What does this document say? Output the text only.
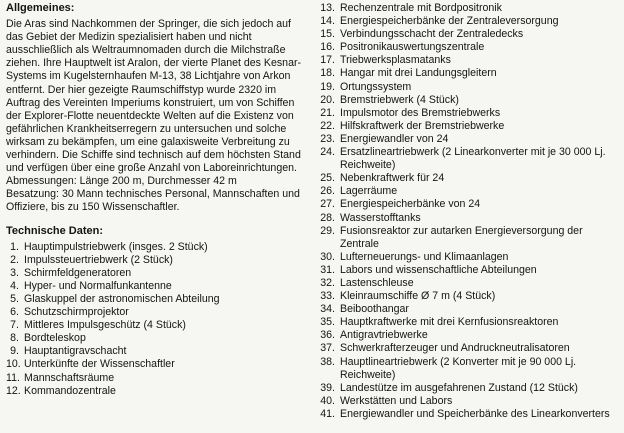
Allgemeines:

Die Aras sind Nachkommen der Springer, die sich jedoch auf das Gebiet der Medizin spezialisiert haben und nicht ausschließlich als Weltraumnomaden durch die Milchstraße ziehen. Ihre Hauptwelt ist Aralon, der vierte Planet des Kesnar-Systems im Kugelsternhaufen M-13, 38 Lichtjahre von Arkon entfernt. Der hier gezeigte Raumschiffstyp wurde 2320 im Auftrag des Vereinten Imperiums konstruiert, um von Schiffen der Explorer-Flotte neuentdeckte Welten auf die Existenz von gefährlichen Krankheitserregern zu untersuchen und solche wirksam zu bekämpfen, um eine galaxisweite Verbreitung zu verhindern. Die Schiffe sind technisch auf dem höchsten Stand und verfügen über eine große Anzahl von Laboreinrichtungen.

Abmessungen: Länge 200 m, Durchmesser 42 m

Besatzung: 30 Mann technisches Personal, Mannschaften und Offiziere, bis zu 150 Wissenschaftler.

Technische Daten:
1. Hauptimpulstriebwerk (insges. 2 Stück)
2. Impulssteuertriebwerk (2 Stück)
3. Schirmfeldgeneratoren
4. Hyper- und Normalfunkantenne
5. Glaskuppel der astronomischen Abteilung
6. Schutzschirmprojektor
7. Mittleres Impulsgeschütz (4 Stück)
8. Bordteleskop
9. Hauptantigravschacht
10. Unterkünfte der Wissenschaftler
11. Mannschaftsräume
12. Kommandozentrale
13. Rechenzentrale mit Bordpositronik
14. Energiespeicherbänke der Zentraleversorgung
15. Verbindungsschacht der Zentraledecks
16. Positronikauswertungszentrale
17. Triebwerksplasmatanks
18. Hangar mit drei Landungsgleitern
19. Ortungssystem
20. Bremstriebwerk (4 Stück)
21. Impulsmotor des Bremstriebwerks
22. Hilfskraftwerk der Bremstriebwerke
23. Energiewandler von 24
24. Ersatzlineartriebwerk (2 Linearkonverter mit je 30 000 Lj. Reichweite)
25. Nebenkraftwerk für 24
26. Lagerräume
27. Energiespeicherbänke von 24
28. Wasserstofftanks
29. Fusionsreaktor zur autarken Energieversorgung der Zentrale
30. Lufterneuerungs- und Klimaanlagen
31. Labors und wissenschaftliche Abteilungen
32. Lastenschleuse
33. Kleinraumschiffe Ø 7 m (4 Stück)
34. Beiboothangar
35. Hauptkraftwerke mit drei Kernfusionsreaktoren
36. Antigravtriebwerke
37. Schwerkrafterzeuger und Andruckneutralisatoren
38. Hauptlineartriebwerk (2 Konverter mit je 90 000 Lj. Reichweite)
39. Landestütze im ausgefahrenen Zustand (12 Stück)
40. Werkstätten und Labors
41. Energiewandler und Speicherbänke des Linearkonverters
